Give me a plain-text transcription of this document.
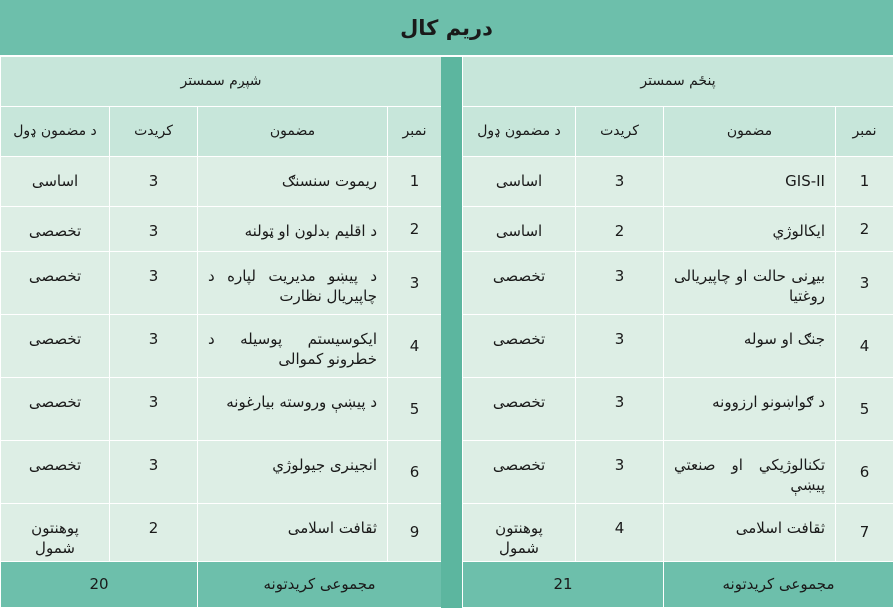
دریم کال
پنځم سمستر
نمبر
مضمون
کریدت
د مضمون ډول
1
GIS-II
3
اساسی
2
ایکالوژي
2
اساسی
3
بیړنی حالت او چاپیریالی روغتیا
3
تخصصی
4
جنګ او سوله
3
تخصصی
5
د ګواښونو ارزوونه
3
تخصصی
6
تکنالوژیکي او صنعتي پیښې
3
تخصصی
7
ثقافت اسلامی
4
پوهنتون شمول
مجموعی کریدتونه
21
شپږم سمستر
نمبر
مضمون
کریدت
د مضمون ډول
1
ریموت سنسنګ
3
اساسی
2
د اقلیم بدلون او ټولنه
3
تخصصی
3
د پیښو مدیریت لپاره د چاپیریال نظارت
3
تخصصی
4
ایکوسیستم پوسیله د خطرونو کموالی
3
تخصصی
5
د پیښې وروسته بیارغونه
3
تخصصی
6
انجینری جیولوژي
3
تخصصی
9
ثقافت اسلامی
2
پوهنتون شمول
مجموعی کریدتونه
20
